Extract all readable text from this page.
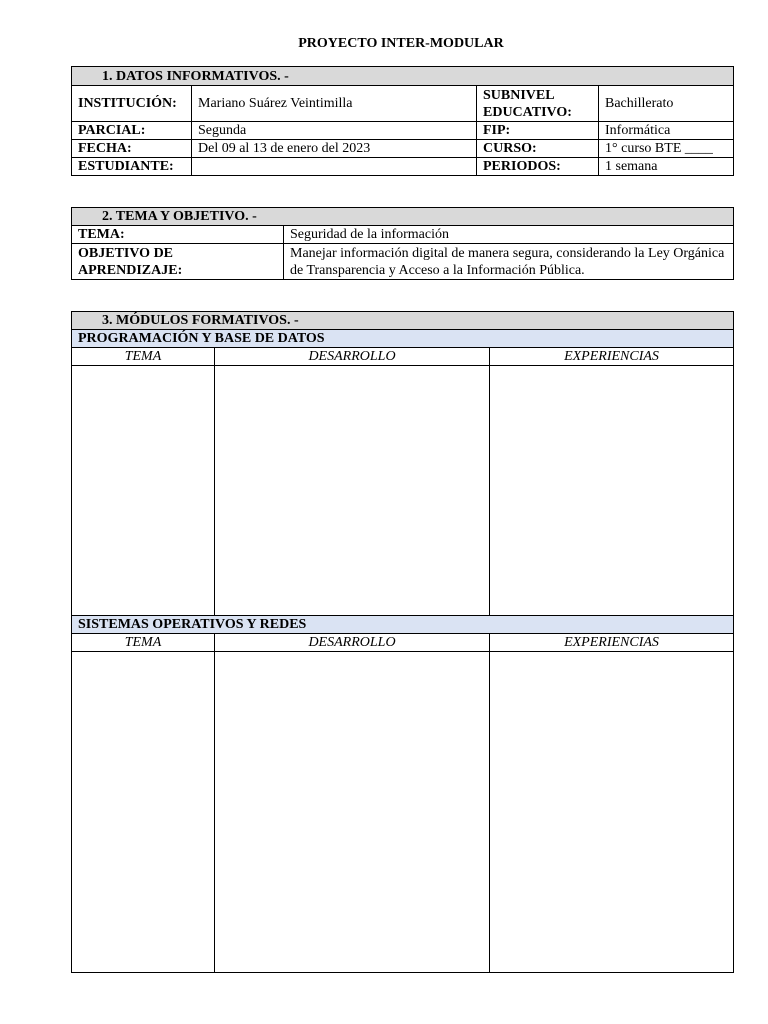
PROYECTO INTER-MODULAR
1. DATOS INFORMATIVOS. -			
INSTITUCIÓN:	Mariano Suárez Veintimilla	SUBNIVEL EDUCATIVO:	Bachillerato
PARCIAL:	Segunda	FIP:	Informática
FECHA:	Del 09 al 13 de enero del 2023	CURSO:	1° curso BTE ____
ESTUDIANTE:		PERIODOS:	1 semana
2. TEMA Y OBJETIVO. -	
TEMA:	Seguridad de la información
OBJETIVO DE APRENDIZAJE:	Manejar información digital de manera segura, considerando la Ley Orgánica de Transparencia y Acceso a la Información Pública.
3. MÓDULOS FORMATIVOS. -		
PROGRAMACIÓN Y BASE DE DATOS		
TEMA	DESARROLLO	EXPERIENCIAS

SISTEMAS OPERATIVOS Y REDES		
TEMA	DESARROLLO	EXPERIENCIAS
